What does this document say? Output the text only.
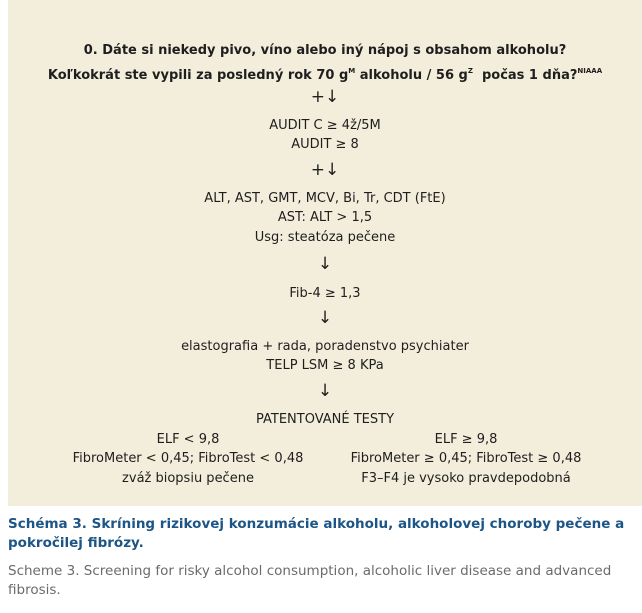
0. Dáte si niekedy pivo, víno alebo iný nápoj s obsahom alkoholu?
Koľkokrát ste vypili za posledný rok 70 $g^M$ alkoholu / 56 $g^Z$  počas 1 dňa?$^{NIAAA}$
+↓
AUDIT C ≥ 4ž/5M
AUDIT ≥ 8
+↓
ALT, AST, GMT, MCV, Bi, Tr, CDT (FtE)
AST: ALT > 1,5
Usg: steatóza pečene
↓
Fib-4 ≥ 1,3
↓
elastografia + rada, poradenstvo psychiater
TELP LSM ≥ 8 KPa
↓
PATENTOVANÉ TESTY
ELF < 9,8
FibroMeter < 0,45; FibroTest < 0,48
zváž biopsiu pečene
ELF ≥ 9,8
FibroMeter ≥ 0,45; FibroTest ≥ 0,48
F3–F4 je vysoko pravdepodobná
Schéma 3. Skríning rizikovej konzumácie alkoholu, alkoholovej choroby pečene a pokročilej fibrózy.
Scheme 3. Screening for risky alcohol consumption, alcoholic liver disease and advanced fibrosis.
